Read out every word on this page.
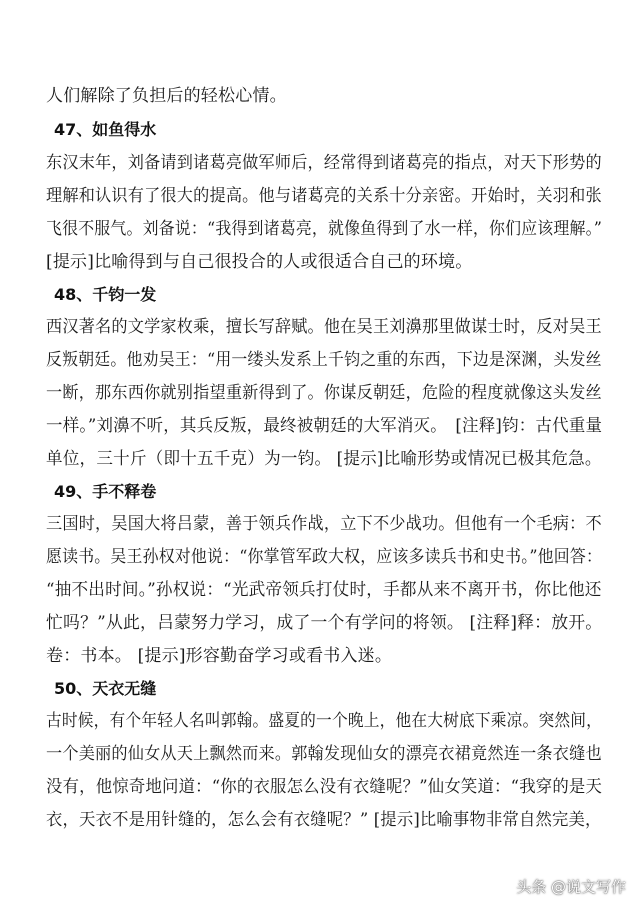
人们解除了负担后的轻松心情。
47、如鱼得水
东汉末年，刘备请到诸葛亮做军师后，经常得到诸葛亮的指点，对天下形势的
理解和认识有了很大的提高。他与诸葛亮的关系十分亲密。开始时，关羽和张
飞很不服气。刘备说：“我得到诸葛亮，就像鱼得到了水一样，你们应该理解。”
[提示]比喻得到与自己很投合的人或很适合自己的环境。
48、千钧一发
西汉著名的文学家枚乘，擅长写辞赋。他在吴王刘濞那里做谋士时，反对吴王
反叛朝廷。他劝吴王：“用一缕头发系上千钧之重的东西，下边是深渊，头发丝
一断，那东西你就别指望重新得到了。你谋反朝廷，危险的程度就像这头发丝
一样。”刘濞不听，其兵反叛，最终被朝廷的大军消灭。　[注释]钧：古代重量
单位，三十斤（即十五千克）为一钧。 [提示]比喻形势或情况已极其危急。
49、手不释卷
三国时，吴国大将吕蒙，善于领兵作战，立下不少战功。但他有一个毛病：不
愿读书。吴王孙权对他说：“你掌管军政大权，应该多读兵书和史书。”他回答：
“抽不出时间。”孙权说：“光武帝领兵打仗时，手都从来不离开书，你比他还
忙吗？”从此，吕蒙努力学习，成了一个有学问的将领。 [注释]释：放开。
卷：书本。 [提示]形容勤奋学习或看书入迷。
50、天衣无缝
古时候，有个年轻人名叫郭翰。盛夏的一个晚上，他在大树底下乘凉。突然间，
一个美丽的仙女从天上飘然而来。郭翰发现仙女的漂亮衣裙竟然连一条衣缝也
没有，他惊奇地问道：“你的衣服怎么没有衣缝呢？”仙女笑道：“我穿的是天
衣，天衣不是用针缝的，怎么会有衣缝呢？” [提示]比喻事物非常自然完美，
头条 @说文写作
